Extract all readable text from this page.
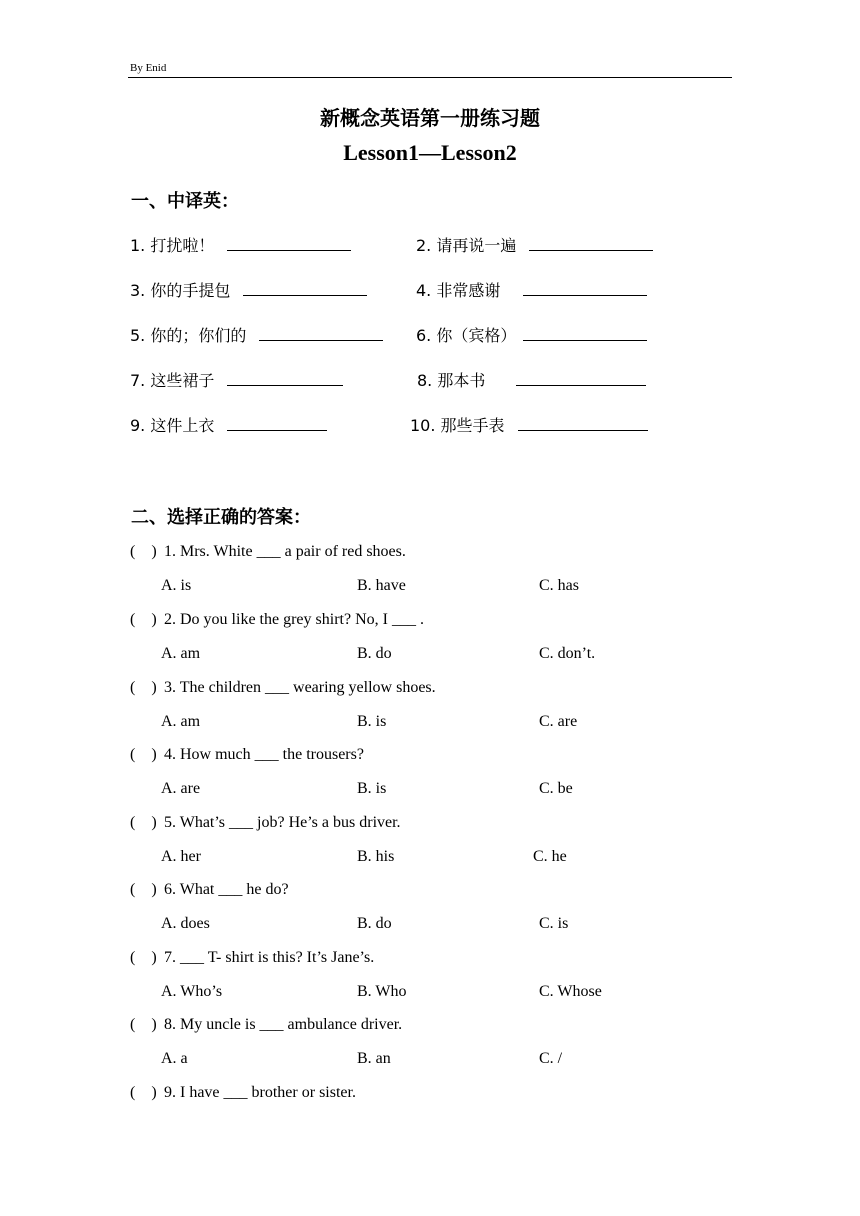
By Enid
新概念英语第一册练习题
Lesson1—Lesson2
一、中译英：
1. 打扰啦！	2. 请再说一遍
3. 你的手提包	4. 非常感谢
5. 你的；你们的	6. 你（宾格）
7. 这些裙子	8. 那本书
9. 这件上衣	10. 那些手表
二、选择正确的答案：
( ) 1. Mrs. White ___ a pair of red shoes.
A. is	B. have	C. has
( ) 2. Do you like the grey shirt? No, I ___ .
A. am	B. do	C. don’t.
( ) 3. The children ___ wearing yellow shoes.
A. am	B. is	C. are
( ) 4. How much ___ the trousers?
A. are	B. is	C. be
( ) 5. What’s ___ job? He’s a bus driver.
A. her	B. his	C. he
( ) 6. What ___ he do?
A. does	B. do	C. is
( ) 7. ___ T- shirt is this? It’s Jane’s.
A. Who’s	B. Who	C. Whose
( ) 8. My uncle is ___ ambulance driver.
A. a	B. an	C. /
( ) 9. I have ___ brother or sister.
